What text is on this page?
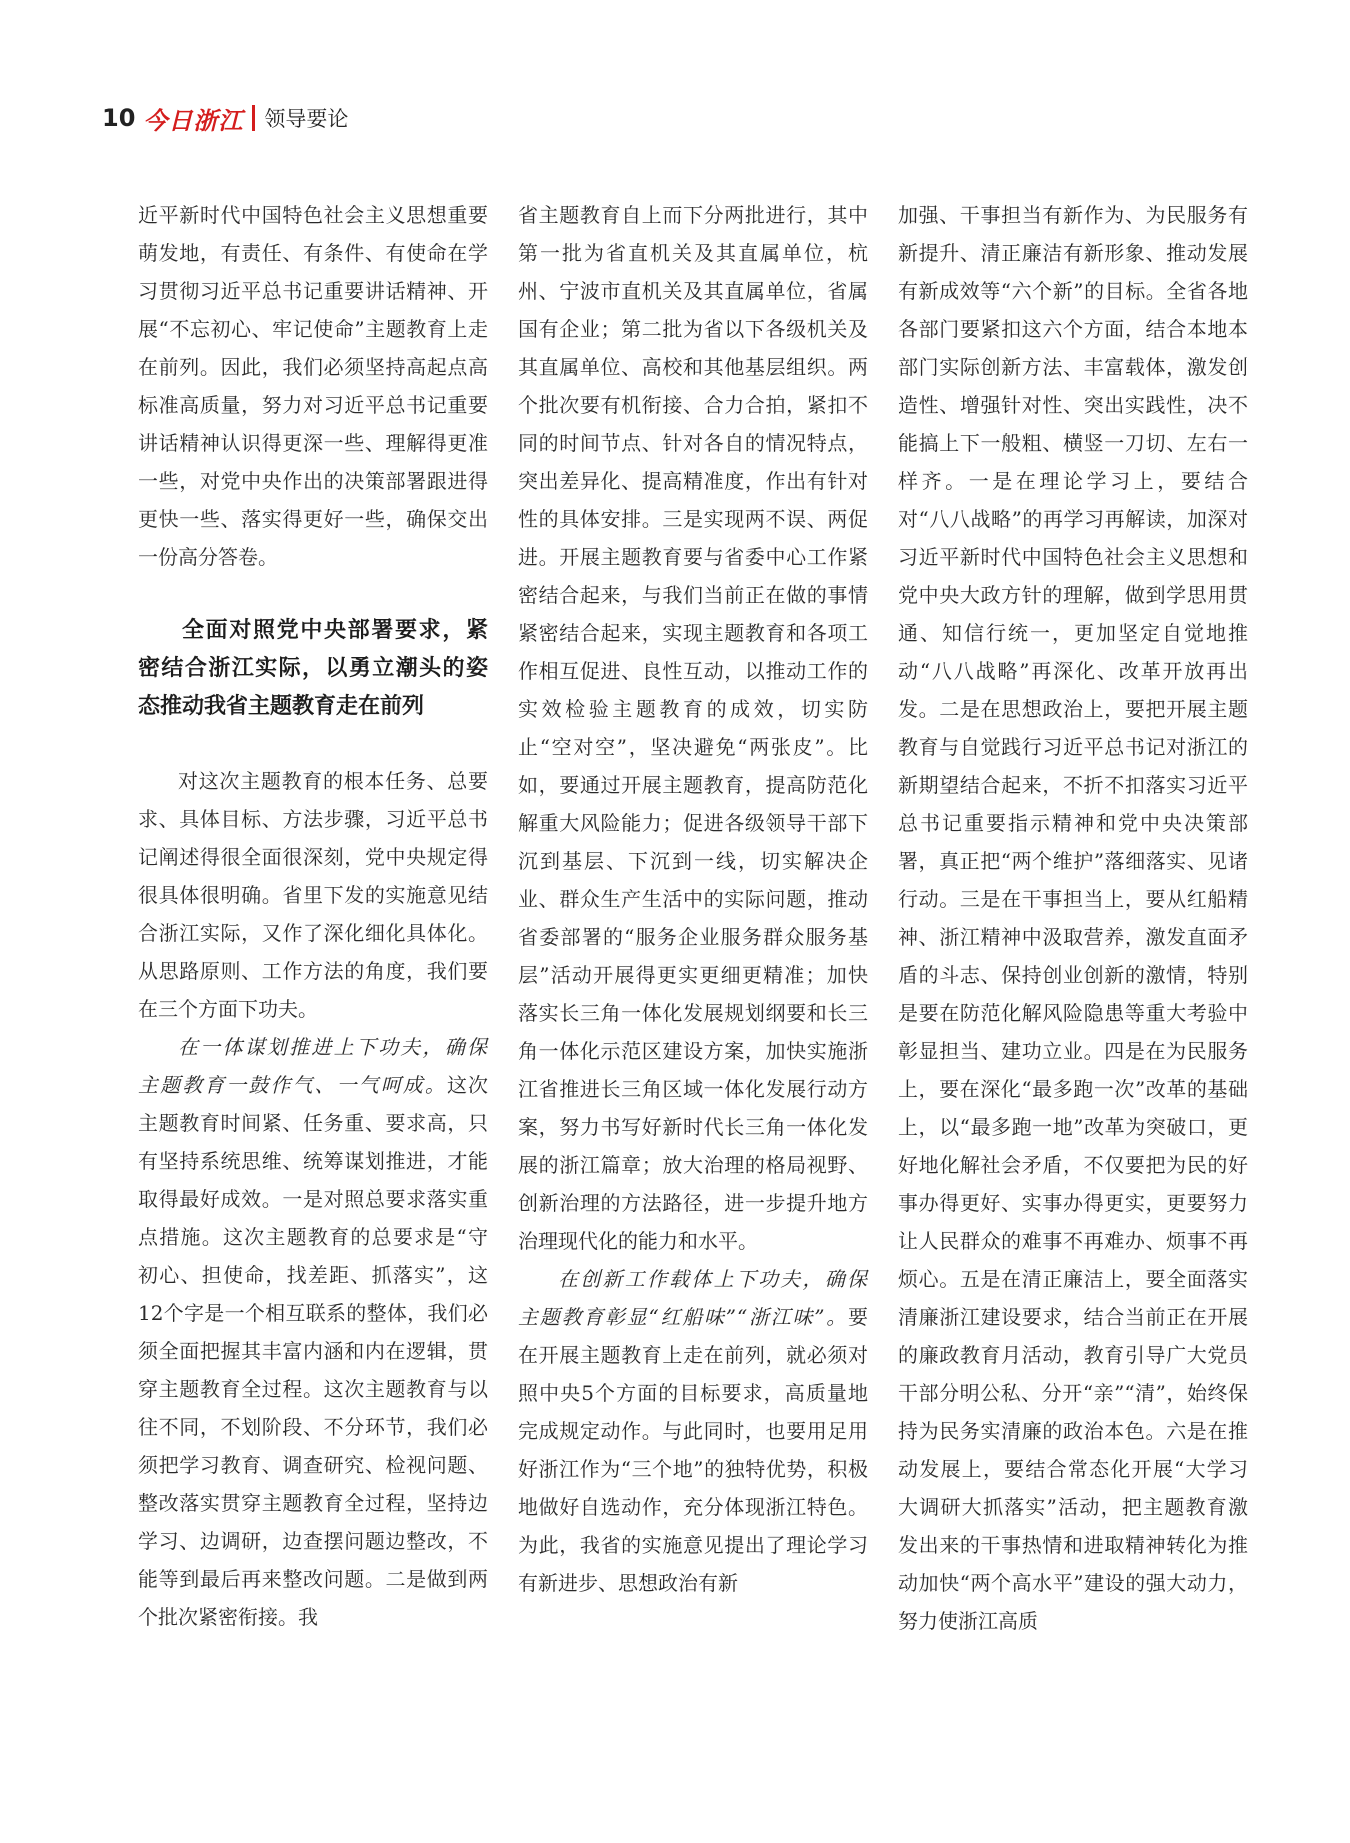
10 今日浙江 领导要论

近平新时代中国特色社会主义思想重要萌发地，有责任、有条件、有使命在学习贯彻习近平总书记重要讲话精神、开展“不忘初心、牢记使命”主题教育上走在前列。因此，我们必须坚持高起点高标准高质量，努力对习近平总书记重要讲话精神认识得更深一些、理解得更准一些，对党中央作出的决策部署跟进得更快一些、落实得更好一些，确保交出一份高分答卷。

全面对照党中央部署要求，紧密结合浙江实际，以勇立潮头的姿态推动我省主题教育走在前列

对这次主题教育的根本任务、总要求、具体目标、方法步骤，习近平总书记阐述得很全面很深刻，党中央规定得很具体很明确。省里下发的实施意见结合浙江实际，又作了深化细化具体化。从思路原则、工作方法的角度，我们要在三个方面下功夫。

在一体谋划推进上下功夫，确保主题教育一鼓作气、一气呵成。这次主题教育时间紧、任务重、要求高，只有坚持系统思维、统筹谋划推进，才能取得最好成效。一是对照总要求落实重点措施。这次主题教育的总要求是“守初心、担使命，找差距、抓落实”，这12个字是一个相互联系的整体，我们必须全面把握其丰富内涵和内在逻辑，贯穿主题教育全过程。这次主题教育与以往不同，不划阶段、不分环节，我们必须把学习教育、调查研究、检视问题、整改落实贯穿主题教育全过程，坚持边学习、边调研，边查摆问题边整改，不能等到最后再来整改问题。二是做到两个批次紧密衔接。我

省主题教育自上而下分两批进行，其中第一批为省直机关及其直属单位，杭州、宁波市直机关及其直属单位，省属国有企业；第二批为省以下各级机关及其直属单位、高校和其他基层组织。两个批次要有机衔接、合力合拍，紧扣不同的时间节点、针对各自的情况特点，突出差异化、提高精准度，作出有针对性的具体安排。三是实现两不误、两促进。开展主题教育要与省委中心工作紧密结合起来，与我们当前正在做的事情紧密结合起来，实现主题教育和各项工作相互促进、良性互动，以推动工作的实效检验主题教育的成效，切实防止“空对空”，坚决避免“两张皮”。比如，要通过开展主题教育，提高防范化解重大风险能力；促进各级领导干部下沉到基层、下沉到一线，切实解决企业、群众生产生活中的实际问题，推动省委部署的“服务企业服务群众服务基层”活动开展得更实更细更精准；加快落实长三角一体化发展规划纲要和长三角一体化示范区建设方案，加快实施浙江省推进长三角区域一体化发展行动方案，努力书写好新时代长三角一体化发展的浙江篇章；放大治理的格局视野、创新治理的方法路径，进一步提升地方治理现代化的能力和水平。

在创新工作载体上下功夫，确保主题教育彰显“红船味”“浙江味”。要在开展主题教育上走在前列，就必须对照中央5个方面的目标要求，高质量地完成规定动作。与此同时，也要用足用好浙江作为“三个地”的独特优势，积极地做好自选动作，充分体现浙江特色。为此，我省的实施意见提出了理论学习有新进步、思想政治有新

加强、干事担当有新作为、为民服务有新提升、清正廉洁有新形象、推动发展有新成效等“六个新”的目标。全省各地各部门要紧扣这六个方面，结合本地本部门实际创新方法、丰富载体，激发创造性、增强针对性、突出实践性，决不能搞上下一般粗、横竖一刀切、左右一样齐。一是在理论学习上，要结合对“八八战略”的再学习再解读，加深对习近平新时代中国特色社会主义思想和党中央大政方针的理解，做到学思用贯通、知信行统一，更加坚定自觉地推动“八八战略”再深化、改革开放再出发。二是在思想政治上，要把开展主题教育与自觉践行习近平总书记对浙江的新期望结合起来，不折不扣落实习近平总书记重要指示精神和党中央决策部署，真正把“两个维护”落细落实、见诸行动。三是在干事担当上，要从红船精神、浙江精神中汲取营养，激发直面矛盾的斗志、保持创业创新的激情，特别是要在防范化解风险隐患等重大考验中彰显担当、建功立业。四是在为民服务上，要在深化“最多跑一次”改革的基础上，以“最多跑一地”改革为突破口，更好地化解社会矛盾，不仅要把为民的好事办得更好、实事办得更实，更要努力让人民群众的难事不再难办、烦事不再烦心。五是在清正廉洁上，要全面落实清廉浙江建设要求，结合当前正在开展的廉政教育月活动，教育引导广大党员干部分明公私、分开“亲”“清”，始终保持为民务实清廉的政治本色。六是在推动发展上，要结合常态化开展“大学习大调研大抓落实”活动，把主题教育激发出来的干事热情和进取精神转化为推动加快“两个高水平”建设的强大动力，努力使浙江高质
